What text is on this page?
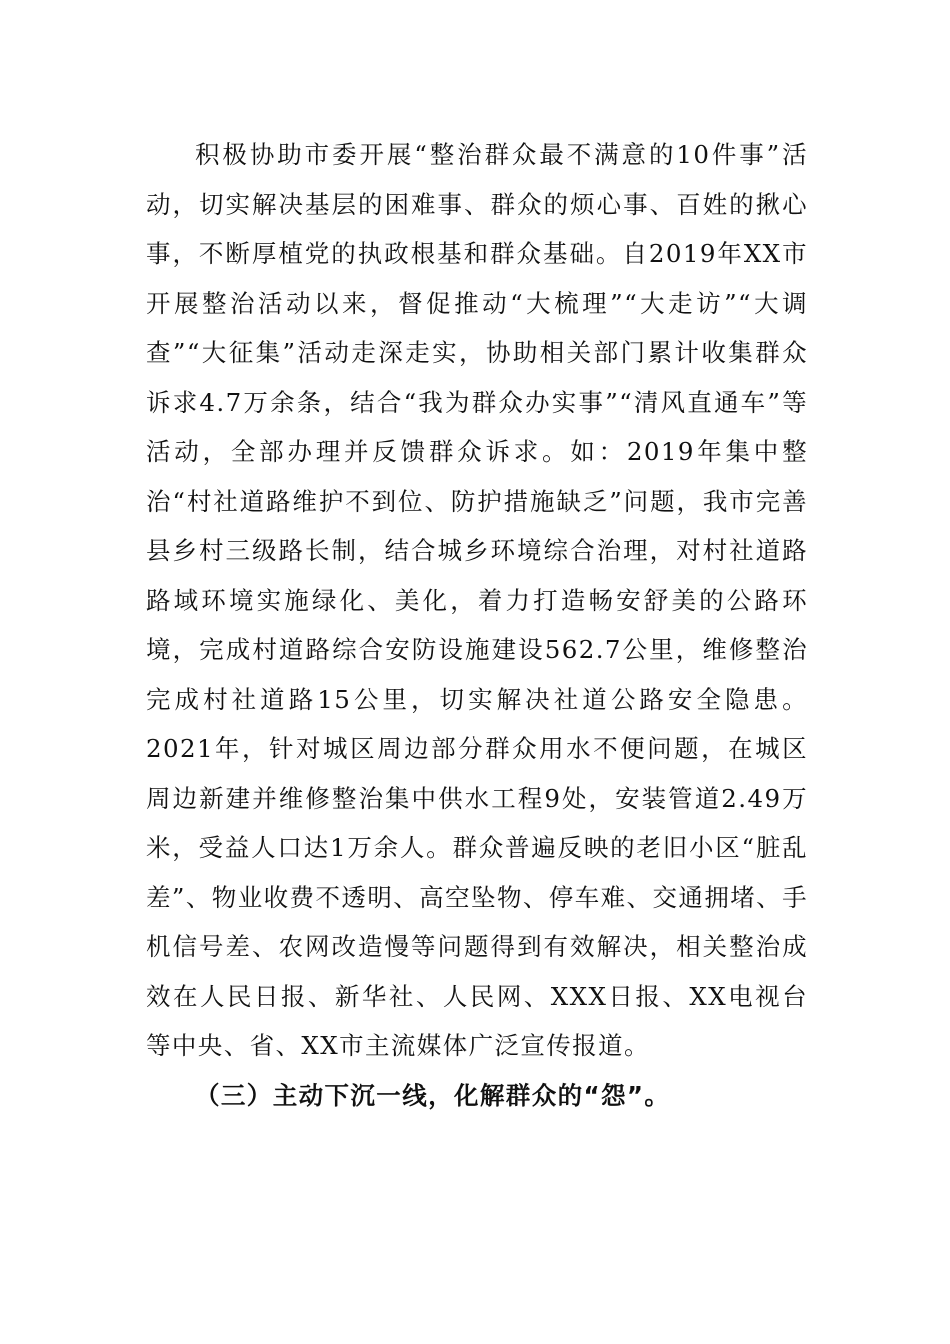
积极协助市委开展“整治群众最不满意的10件事”活动，切实解决基层的困难事、群众的烦心事、百姓的揪心事，不断厚植党的执政根基和群众基础。自2019年XX市开展整治活动以来，督促推动“大梳理”“大走访”“大调查”“大征集”活动走深走实，协助相关部门累计收集群众诉求4.7万余条，结合“我为群众办实事”“清风直通车”等活动，全部办理并反馈群众诉求。如：2019年集中整治“村社道路维护不到位、防护措施缺乏”问题，我市完善县乡村三级路长制，结合城乡环境综合治理，对村社道路路域环境实施绿化、美化，着力打造畅安舒美的公路环境，完成村道路综合安防设施建设562.7公里，维修整治完成村社道路15公里，切实解决社道公路安全隐患。2021年，针对城区周边部分群众用水不便问题，在城区周边新建并维修整治集中供水工程9处，安装管道2.49万米，受益人口达1万余人。群众普遍反映的老旧小区“脏乱差”、物业收费不透明、高空坠物、停车难、交通拥堵、手机信号差、农网改造慢等问题得到有效解决，相关整治成效在人民日报、新华社、人民网、XXX日报、XX电视台等中央、省、XX市主流媒体广泛宣传报道。

（三）主动下沉一线，化解群众的“怨”。
